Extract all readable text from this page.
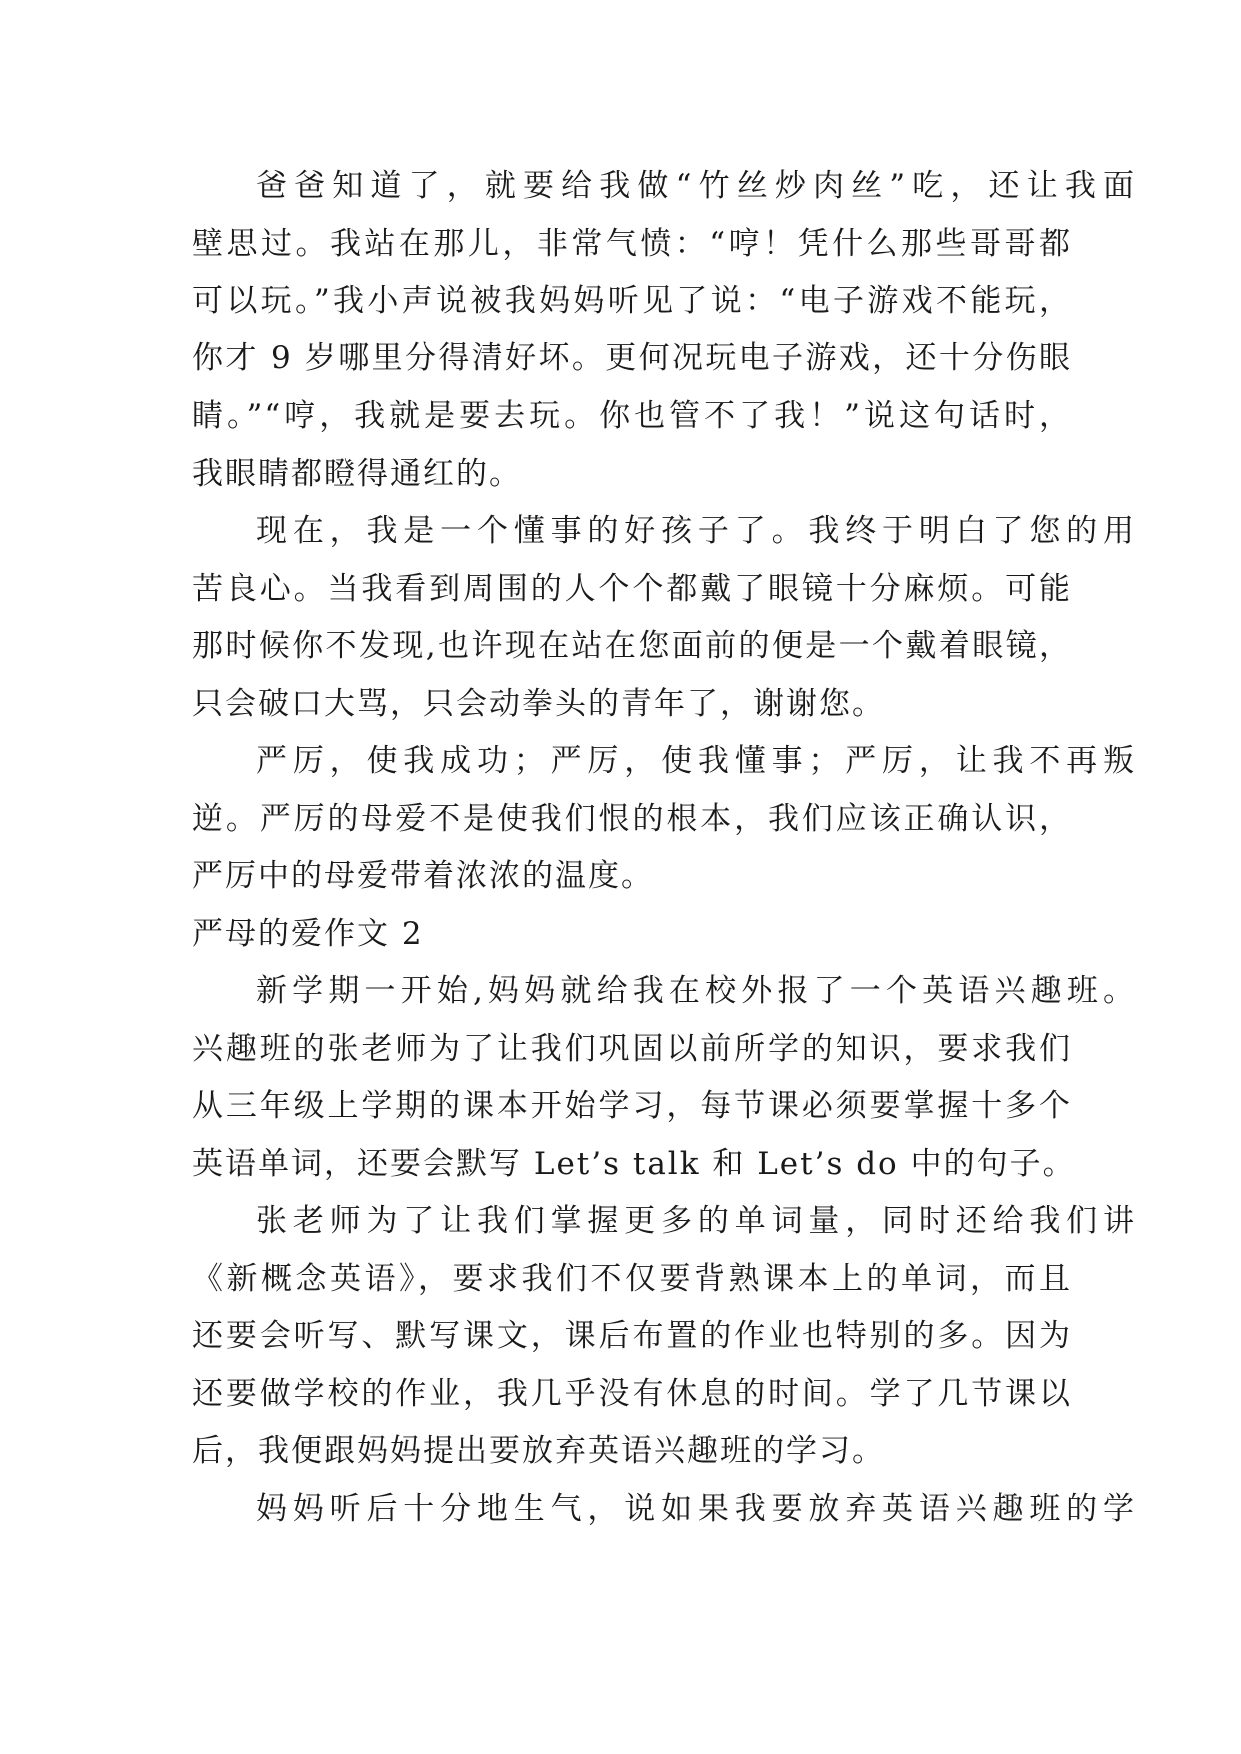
爸爸知道了，就要给我做“竹丝炒肉丝”吃，还让我面

壁思过。我站在那儿，非常气愤：“哼！凭什么那些哥哥都

可以玩。”我小声说被我妈妈听见了说：“电子游戏不能玩，

你才 9 岁哪里分得清好坏。更何况玩电子游戏，还十分伤眼

睛。”“哼，我就是要去玩。你也管不了我！”说这句话时，

我眼睛都瞪得通红的。

现在，我是一个懂事的好孩子了。我终于明白了您的用

苦良心。当我看到周围的人个个都戴了眼镜十分麻烦。可能

那时候你不发现,也许现在站在您面前的便是一个戴着眼镜，

只会破口大骂，只会动拳头的青年了，谢谢您。

严厉，使我成功；严厉，使我懂事；严厉，让我不再叛

逆。严厉的母爱不是使我们恨的根本，我们应该正确认识，

严厉中的母爱带着浓浓的温度。

严母的爱作文 2

新学期一开始,妈妈就给我在校外报了一个英语兴趣班。

兴趣班的张老师为了让我们巩固以前所学的知识，要求我们

从三年级上学期的课本开始学习，每节课必须要掌握十多个

英语单词，还要会默写 Let’s talk 和 Let’s do 中的句子。

张老师为了让我们掌握更多的单词量，同时还给我们讲

《新概念英语》，要求我们不仅要背熟课本上的单词，而且

还要会听写、默写课文，课后布置的作业也特别的多。因为

还要做学校的作业，我几乎没有休息的时间。学了几节课以

后，我便跟妈妈提出要放弃英语兴趣班的学习。

妈妈听后十分地生气，说如果我要放弃英语兴趣班的学
